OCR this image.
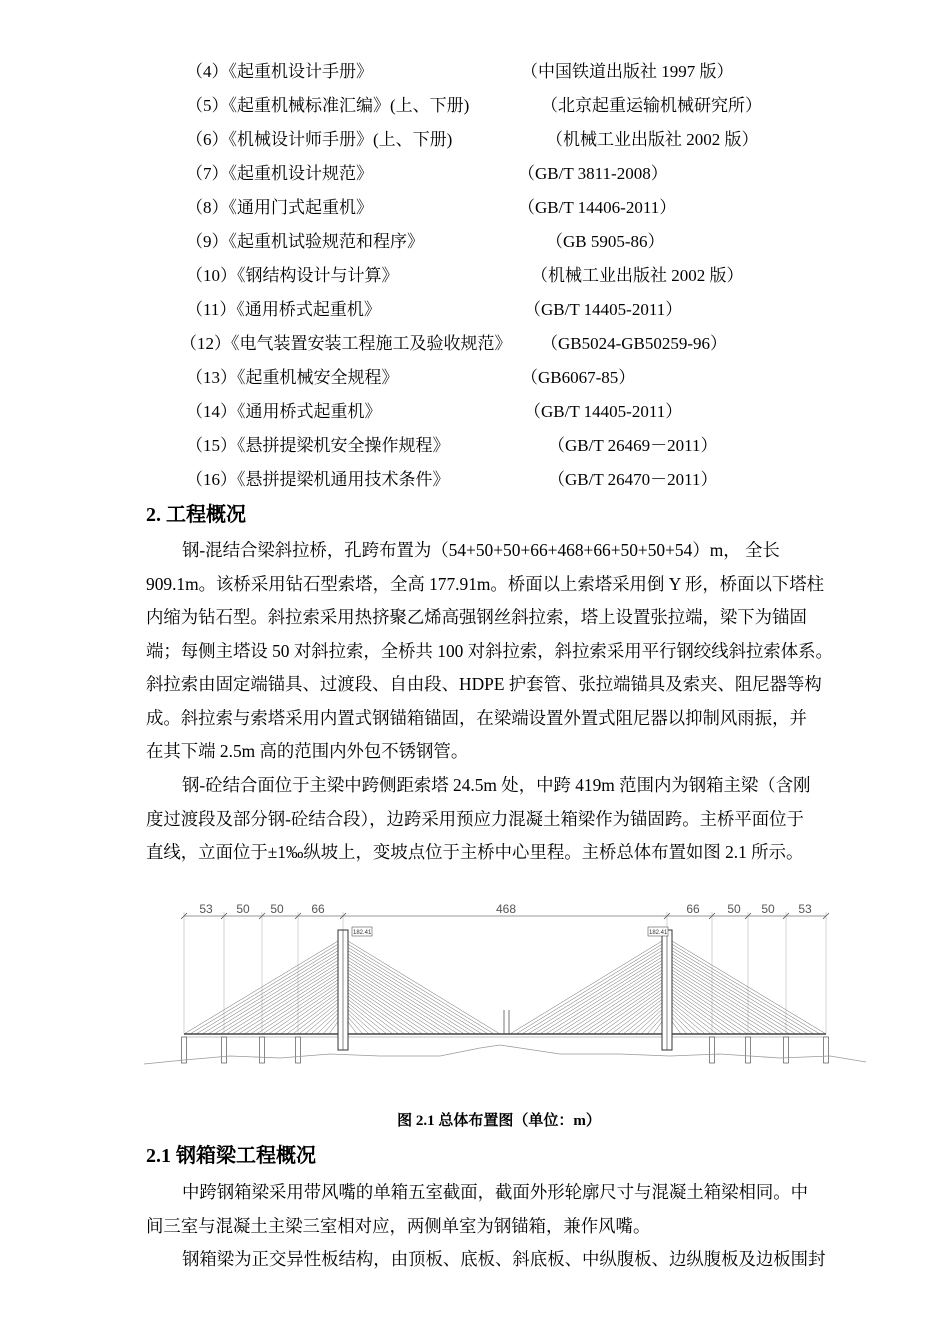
（4）《起重机设计手册》	（中国铁道出版社 1997 版）
（5）《起重机械标准汇编》(上、下册)	（北京起重运输机械研究所）
（6）《机械设计师手册》(上、下册)	（机械工业出版社 2002 版）
（7）《起重机设计规范》	（GB/T 3811-2008）
（8）《通用门式起重机》	（GB/T 14406-2011）
（9）《起重机试验规范和程序》	（GB 5905-86）
（10）《钢结构设计与计算》	（机械工业出版社 2002 版）
（11）《通用桥式起重机》	（GB/T 14405-2011）
（12）《电气装置安装工程施工及验收规范》 （GB5024-GB50259-96）
（13）《起重机械安全规程》	（GB6067-85）
（14）《通用桥式起重机》	（GB/T 14405-2011）
（15）《悬拼提梁机安全操作规程》	（GB/T 26469－2011）
（16）《悬拼提梁机通用技术条件》	（GB/T 26470－2011）
2. 工程概况
钢-混结合梁斜拉桥，孔跨布置为（54+50+50+66+468+66+50+50+54）m， 全长
909.1m。该桥采用钻石型索塔，全高 177.91m。桥面以上索塔采用倒 Y 形，桥面以下塔柱
内缩为钻石型。斜拉索采用热挤聚乙烯高强钢丝斜拉索，塔上设置张拉端，梁下为锚固
端；每侧主塔设 50 对斜拉索，全桥共 100 对斜拉索，斜拉索采用平行钢绞线斜拉索体系。
斜拉索由固定端锚具、过渡段、自由段、HDPE 护套管、张拉端锚具及索夹、阻尼器等构
成。斜拉索与索塔采用内置式钢锚箱锚固，在梁端设置外置式阻尼器以抑制风雨振，并
在其下端 2.5m 高的范围内外包不锈钢管。
钢-砼结合面位于主梁中跨侧距索塔 24.5m 处，中跨 419m 范围内为钢箱主梁（含刚
度过渡段及部分钢-砼结合段），边跨采用预应力混凝土箱梁作为锚固跨。主桥平面位于
直线，立面位于±1‰纵坡上，变坡点位于主桥中心里程。主桥总体布置如图 2.1 所示。
53 50 50 66	468	66 50 50 53
182.41	182.41
图 2.1 总体布置图（单位：m）
2.1 钢箱梁工程概况
中跨钢箱梁采用带风嘴的单箱五室截面，截面外形轮廓尺寸与混凝土箱梁相同。中
间三室与混凝土主梁三室相对应，两侧单室为钢锚箱，兼作风嘴。
钢箱梁为正交异性板结构，由顶板、底板、斜底板、中纵腹板、边纵腹板及边板围封
